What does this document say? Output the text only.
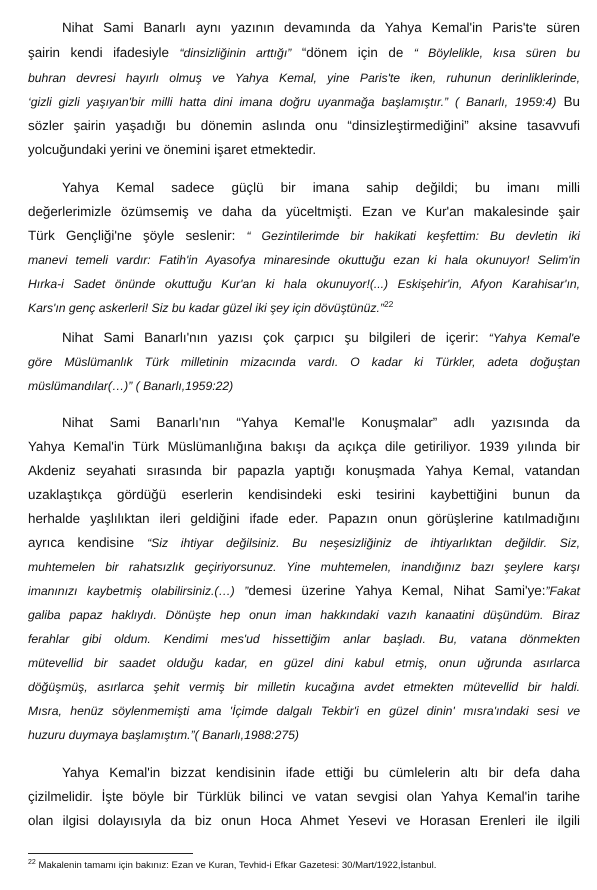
Nihat Sami Banarlı aynı yazının devamında da Yahya Kemal'in Paris'te süren
şairin kendi ifadesiyle “dinsizliğinin arttığı” “dönem için de “ Böylelikle, kısa süren bu
buhran devresi hayırlı olmuş ve Yahya Kemal, yine Paris'te iken, ruhunun derinliklerinde,
‘gizli gizli yaşıyan'bir milli hatta dini imana doğru uyanmağa başlamıştır.” ( Banarlı, 1959:4) Bu
sözler şairin yaşadığı bu dönemin aslında onu “dinsizleştirmediğini” aksine tasavvufi
yolcuğundaki yerini ve önemini işaret etmektedir.
Yahya Kemal sadece güçlü bir imana sahip değildi; bu imanı milli
değerlerimizle özümsemiş ve daha da yüceltmişti. Ezan ve Kur'an makalesinde şair
Türk Gençliği'ne şöyle seslenir: “ Gezintilerimde bir hakikati keşfettim: Bu devletin iki
manevi temeli vardır: Fatih'in Ayasofya minaresinde okuttuğu ezan ki hala okunuyor! Selim'in
Hırka-i Sadet önünde okuttuğu Kur'an ki hala okunuyor!(...) Eskişehir'in, Afyon Karahisar'ın,
Kars'ın genç askerleri! Siz bu kadar güzel iki şey için dövüştünüz.”$^{22}$
Nihat Sami Banarlı'nın yazısı çok çarpıcı şu bilgileri de içerir: “Yahya Kemal'e
göre Müslümanlık Türk milletinin mizacında vardı. O kadar ki Türkler, adeta doğuştan
müslümandılar(…)” ( Banarlı,1959:22)
Nihat Sami Banarlı'nın “Yahya Kemal'le Konuşmalar” adlı yazısında da
Yahya Kemal'in Türk Müslümanlığına bakışı da açıkça dile getiriliyor. 1939 yılında bir
Akdeniz seyahati sırasında bir papazla yaptığı konuşmada Yahya Kemal, vatandan
uzaklaştıkça gördüğü eserlerin kendisindeki eski tesirini kaybettiğini bunun da
herhalde yaşlılıktan ileri geldiğini ifade eder. Papazın onun görüşlerine katılmadığını
ayrıca kendisine “Siz ihtiyar değilsiniz. Bu neşesizliğiniz de ihtiyarlıktan değildir. Siz,
muhtemelen bir rahatsızlık geçiriyorsunuz. Yine muhtemelen, inandığınız bazı şeylere karşı
imanınızı kaybetmiş olabilirsiniz.(…) ”demesi üzerine Yahya Kemal, Nihat Sami'ye:”Fakat
galiba papaz haklıydı. Dönüşte hep onun iman hakkındaki vazıh kanaatini düşündüm. Biraz
ferahlar gibi oldum. Kendimi mes'ud hissettiğim anlar başladı. Bu, vatana dönmekten
mütevellid bir saadet olduğu kadar, en güzel dini kabul etmiş, onun uğrunda asırlarca
döğüşmüş, asırlarca şehit vermiş bir milletin kucağına avdet etmekten mütevellid bir haldi.
Mısra, henüz söylenmemişti ama 'İçimde dalgalı Tekbir'i en güzel dinin' mısra'ındaki sesi ve
huzuru duymaya başlamıştım.”( Banarlı,1988:275)
Yahya Kemal'in bizzat kendisinin ifade ettiği bu cümlelerin altı bir defa daha
çizilmelidir. İşte böyle bir Türklük bilinci ve vatan sevgisi olan Yahya Kemal'in tarihe
olan ilgisi dolayısıyla da biz onun Hoca Ahmet Yesevi ve Horasan Erenleri ile ilgili
$^{22}$ Makalenin tamamı için bakınız: Ezan ve Kuran, Tevhid-i Efkar Gazetesi: 30/Mart/1922,İstanbul.
